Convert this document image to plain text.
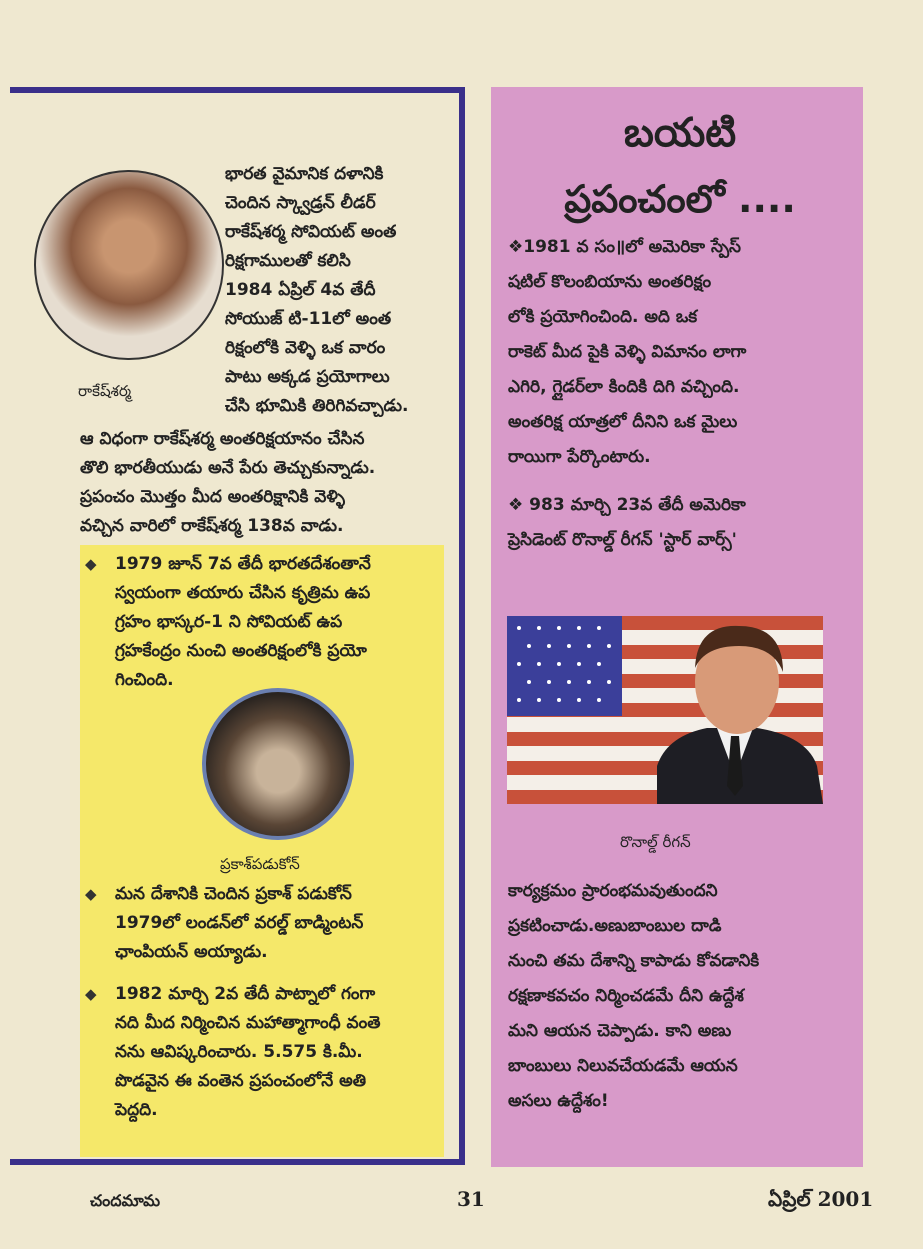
రాకేష్‌శర్మ
భారత వైమానిక దళానికి
చెందిన స్క్వాడ్రన్ లీడర్
రాకేష్‌శర్మ సోవియట్ అంత
రిక్షగాములతో కలిసి
1984 ఏప్రిల్ 4వ తేదీ
సోయుజ్ టి-11లో అంత
రిక్షంలోకి వెళ్ళి ఒక వారం
పాటు అక్కడ ప్రయోగాలు
చేసి భూమికి తిరిగివచ్చాడు.
ఆ విధంగా రాకేష్‌శర్మ అంతరిక్షయానం చేసిన
తొలి భారతీయుడు అనే పేరు తెచ్చుకున్నాడు.
ప్రపంచం మొత్తం మీద అంతరిక్షానికి వెళ్ళి
వచ్చిన వారిలో రాకేష్‌శర్మ 138వ వాడు.
◆ 1979 జూన్ 7వ తేదీ భారతదేశంతానే
స్వయంగా తయారు చేసిన కృత్రిమ ఉప
గ్రహం భాస్కర-1 ని సోవియట్ ఉప
గ్రహకేంద్రం నుంచి అంతరిక్షంలోకి ప్రయో
గించింది.
ప్రకాశ్‌పడుకోన్
◆ మన దేశానికి చెందిన ప్రకాశ్ పడుకోన్
1979లో లండన్‌లో వరల్డ్ బాడ్మింటన్
ఛాంపియన్ అయ్యాడు.
◆ 1982 మార్చి 2వ తేదీ పాట్నాలో గంగా
నది మీద నిర్మించిన మహాత్మాగాంధీ వంతె
నను ఆవిష్కరించారు. 5.575 కి.మీ.
పొడవైన ఈ వంతెన ప్రపంచంలోనే అతి
పెద్దది.
బయటి
ప్రపంచంలో ....
❖1981 వ సం॥లో అమెరికా స్పేస్
షటిల్ కొలంబియాను అంతరిక్షం
లోకి ప్రయోగించింది. అది ఒక
రాకెట్ మీద పైకి వెళ్ళి విమానం లాగా
ఎగిరి, గ్లైడర్‌లా కిందికి దిగి వచ్చింది.
అంతరిక్ష యాత్రలో దీనిని ఒక మైలు
రాయిగా పేర్కొంటారు.
❖ 983 మార్చి 23వ తేదీ అమెరికా
ప్రెసిడెంట్ రొనాల్డ్ రీగన్ 'స్టార్ వార్స్'
రొనాల్డ్ రీగన్
కార్యక్రమం ప్రారంభమవుతుందని
ప్రకటించాడు.అణుబాంబుల దాడి
నుంచి తమ దేశాన్ని కాపాడు కోవడానికి
రక్షణాకవచం నిర్మించడమే దీని ఉద్దేశ
మని ఆయన చెప్పాడు. కాని అణు
బాంబులు నిలువచేయడమే ఆయన
అసలు ఉద్దేశం!
చందమామ	31	ఏప్రిల్ 2001
